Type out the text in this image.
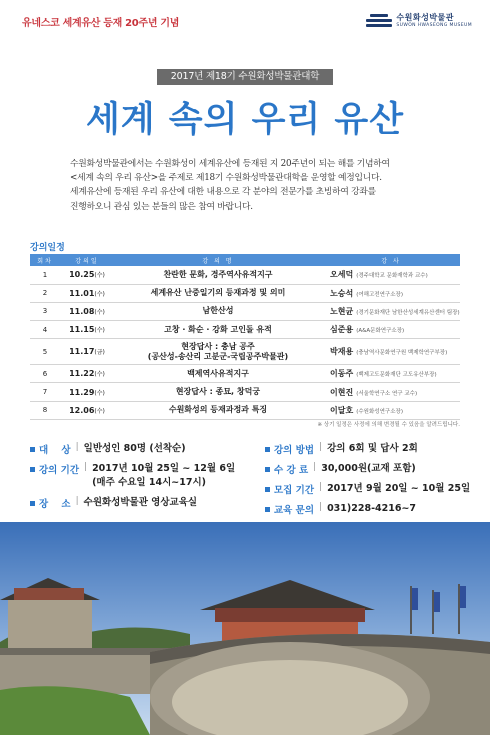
유네스코 세계유산 등재 20주년 기념
수원화성박물관
SUWON HWASEONG MUSEUM
2017년 제18기 수원화성박물관대학
세계 속의 우리 유산
수원화성박물관에서는 수원화성이 세계유산에 등재된 지 20주년이 되는 해를 기념하여
<세계 속의 우리 유산>을 주제로 제18기 수원화성박물관대학을 운영할 예정입니다.
세계유산에 등재된 우리 유산에 대한 내용으로 각 분야의 전문가를 초빙하여 강좌를
진행하오니 관심 있는 분들의 많은 참여 바랍니다.
강의일정
회차	강의일	강 의 명	강 사
1	10.25(수)	찬란한 문화, 경주역사유적지구	오세덕 (경주대학교 문화재학과 교수)
2	11.01(수)	세계유산 난중일기의 등재과정 및 의미	노승석 (여해고전연구소장)
3	11.08(수)	남한산성	노현균 (경기문화재단 남한산성세계유산센터 팀장)
4	11.15(수)	고창 · 화순 · 강화 고인돌 유적	심준용 (A&A문화연구소장)
5	11.17(금)	현장답사 : 충남 공주
(공산성-송산리 고분군-국립공주박물관)	박재용 (충남역사문화연구원 백제학연구부장)
6	11.22(수)	백제역사유적지구	이동주 (백제고도문화재단 고도유산부장)
7	11.29(수)	현장답사 : 종묘, 창덕궁	이현진 (서울학연구소 연구 교수)
8	12.06(수)	수원화성의 등재과정과 특징	이달호 (수원화성연구소장)
※ 상기 일정은 사정에 의해 변경될 수 있음을 알려드립니다.
대    상 | 일반성인 80명 (선착순)
강의 기간 | 2017년 10월 25일 ~ 12월 6일
(매주 수요일 14시~17시)
장    소 | 수원화성박물관 영상교육실
강의 방법 | 강의 6회 및 답사 2회
수 강 료 | 30,000원(교재 포함)
모집 기간 | 2017년 9월 20일 ~ 10월 25일
교육 문의 | 031)228-4216~7
